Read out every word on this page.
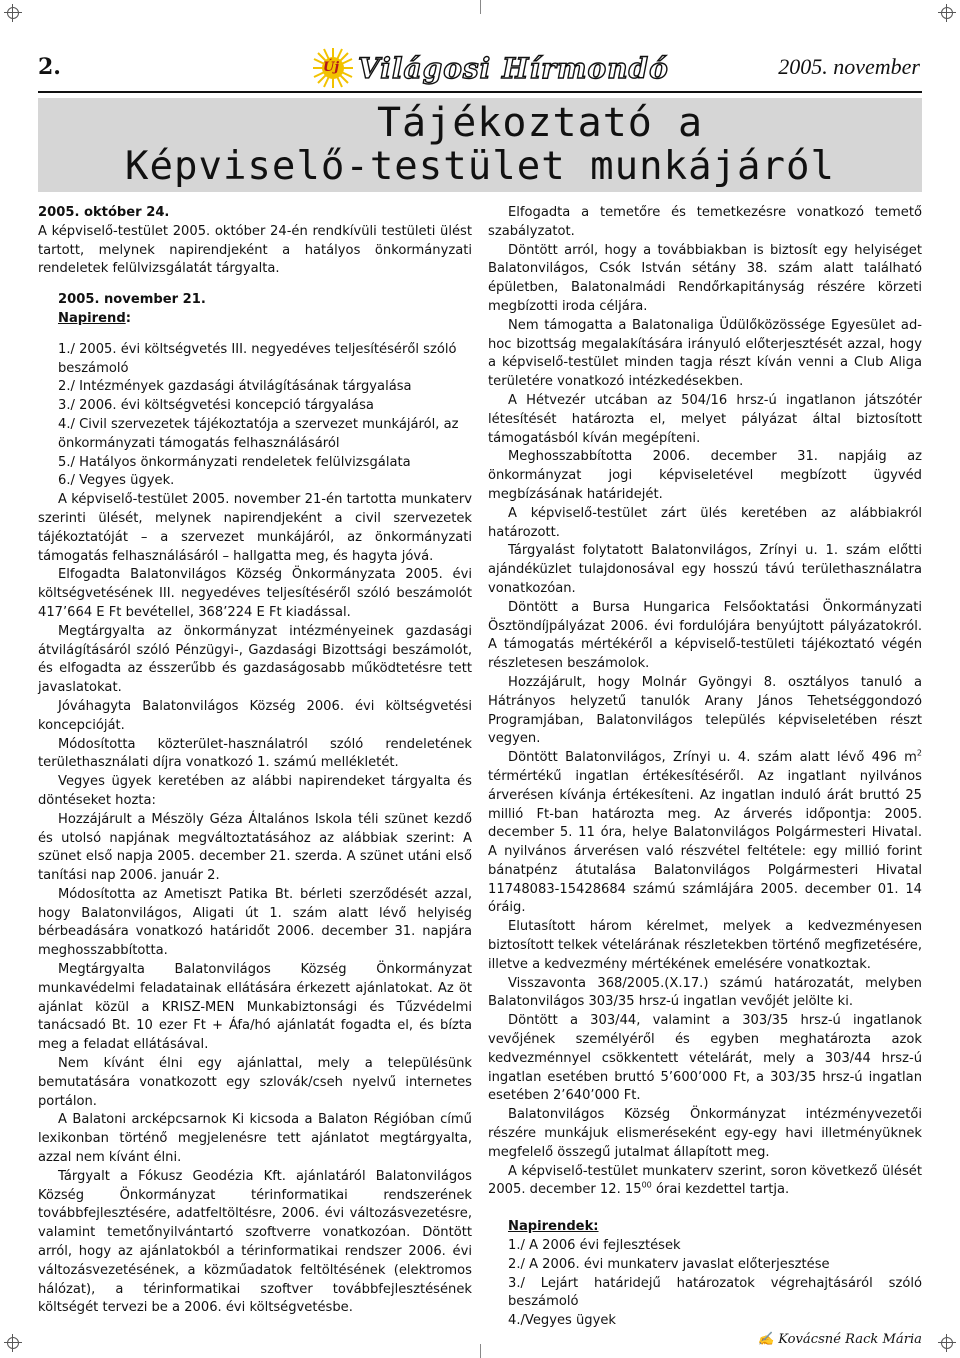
2.	Új Világosi Hírmondó	2005. november
Tájékoztató a
Képviselő-testület munkájáról

2005. október 24.

A képviselő-testület 2005. október 24-én rendkívüli testületi ülést tartott, melynek napirendjeként a hatályos önkormányzati rendeletek felülvizsgálatát tárgyalta.

2005. november 21.

Napirend:

1./ 2005. évi költségvetés III. negyedéves teljesítéséről szóló beszámoló

2./ Intézmények gazdasági átvilágításának tárgyalása

3./ 2006. évi költségvetési koncepció tárgyalása

4./ Civil szervezetek tájékoztatója a szervezet munkájáról, az önkormányzati támogatás felhasználásáról

5./ Hatályos önkormányzati rendeletek felülvizsgálata

6./ Vegyes ügyek.

A képviselő-testület 2005. november 21-én tartotta munkaterv szerinti ülését, melynek napirendjeként a civil szervezetek tájékoztatóját – a szervezet munkájáról, az önkormányzati támogatás felhasználásáról – hallgatta meg, és hagyta jóvá.

Elfogadta Balatonvilágos Község Önkormányzata 2005. évi költségvetésének III. negyedéves teljesítéséről szóló beszámolót 417’664 E Ft bevétellel, 368’224 E Ft kiadással.

Megtárgyalta az önkormányzat intézményeinek gazdasági átvilágításáról szóló Pénzügyi-, Gazdasági Bizottsági beszámolót, és elfogadta az ésszerűbb és gazdaságosabb működtetésre tett javaslatokat.

Jóváhagyta Balatonvilágos Község 2006. évi költségvetési koncepcióját.

Módosította közterület-használatról szóló rendeletének területhasználati díjra vonatkozó 1. számú mellékletét.

Vegyes ügyek keretében az alábbi napirendeket tárgyalta és döntéseket hozta:

Hozzájárult a Mészöly Géza Általános Iskola téli szünet kezdő és utolsó napjának megváltoztatásához az alábbiak szerint: A szünet első napja 2005. december 21. szerda. A szünet utáni első tanítási nap 2006. január 2.

Módosította az Ametiszt Patika Bt. bérleti szerződését azzal, hogy Balatonvilágos, Aligati út 1. szám alatt lévő helyiség bérbeadására vonatkozó határidőt 2006. december 31. napjára meghosszabbította.

Megtárgyalta Balatonvilágos Község Önkormányzat munkavédelmi feladatainak ellátására érkezett ajánlatokat. Az öt ajánlat közül a KRISZ-MEN Munkabiztonsági és Tűzvédelmi tanácsadó Bt. 10 ezer Ft + Áfa/hó ajánlatát fogadta el, és bízta meg a feladat ellátásával.

Nem kívánt élni egy ajánlattal, mely a településünk bemutatására vonatkozott egy szlovák/cseh nyelvű internetes portálon.

A Balatoni arcképcsarnok Ki kicsoda a Balaton Régióban című lexikonban történő megjelenésre tett ajánlatot megtárgyalta, azzal nem kívánt élni.

Tárgyalt a Fókusz Geodézia Kft. ajánlatáról Balatonvilágos Község Önkormányzat térinformatikai rendszerének továbbfejlesztésére, adatfeltöltésre, 2006. évi változásvezetésre, valamint temetőnyilvántartó szoftverre vonatkozóan. Döntött arról, hogy az ajánlatokból a térinformatikai rendszer 2006. évi változásvezetésének, a közműadatok feltöltésének (elektromos hálózat), a térinformatikai szoftver továbbfejlesztésének költségét tervezi be a 2006. évi költségvetésbe.

Elfogadta a temetőre és temetkezésre vonatkozó temető szabályzatot.

Döntött arról, hogy a továbbiakban is biztosít egy helyiséget Balatonvilágos, Csók István sétány 38. szám alatt található épületben, Balatonalmádi Rendőrkapitányság részére körzeti megbízotti iroda céljára.

Nem támogatta a Balatonaliga Üdülőközössége Egyesület ad-hoc bizottság megalakítására irányuló előterjesztését azzal, hogy a képviselő-testület minden tagja részt kíván venni a Club Aliga területére vonatkozó intézkedésekben.

A Hétvezér utcában az 504/16 hrsz-ú ingatlanon játszótér létesítését határozta el, melyet pályázat által biztosított támogatásból kíván megépíteni.

Meghosszabbította 2006. december 31. napjáig az önkormányzat jogi képviseletével megbízott ügyvéd megbízásának határidejét.

A képviselő-testület zárt ülés keretében az alábbiakról határozott.

Tárgyalást folytatott Balatonvilágos, Zrínyi u. 1. szám előtti ajándéküzlet tulajdonosával egy hosszú távú területhasználatra vonatkozóan.

Döntött a Bursa Hungarica Felsőoktatási Önkormányzati Ösztöndíjpályázat 2006. évi fordulójára benyújtott pályázatokról. A támogatás mértékéről a képviselő-testületi tájékoztató végén részletesen beszámolok.

Hozzájárult, hogy Molnár Gyöngyi 8. osztályos tanuló a Hátrányos helyzetű tanulók Arany János Tehetséggondozó Programjában, Balatonvilágos település képviseletében részt vegyen.

Döntött Balatonvilágos, Zrínyi u. 4. szám alatt lévő 496 $m^2$ térmértékű ingatlan értékesítéséről. Az ingatlant nyilvános árverésen kívánja értékesíteni. Az ingatlan induló árát bruttó 25 millió Ft-ban határozta meg. Az árverés időpontja: 2005. december 5. 11 óra, helye Balatonvilágos Polgármesteri Hivatal. A nyilvános árverésen való részvétel feltétele: egy millió forint bánatpénz átutalása Balatonvilágos Polgármesteri Hivatal 11748083-15428684 számú számlájára 2005. december 01. 14 óráig.

Elutasított három kérelmet, melyek a kedvezményesen biztosított telkek vételárának részletekben történő megfizetésére, illetve a kedvezmény mértékének emelésére vonatkoztak.

Visszavonta 368/2005.(X.17.) számú határozatát, melyben Balatonvilágos 303/35 hrsz-ú ingatlan vevőjét jelölte ki.

Döntött a 303/44, valamint a 303/35 hrsz-ú ingatlanok vevőjének személyéről és egyben meghatározta azok kedvezménnyel csökkentett vételárát, mely a 303/44 hrsz-ú ingatlan esetében bruttó 5’600’000 Ft, a 303/35 hrsz-ú ingatlan esetében 2’640’000 Ft.

Balatonvilágos Község Önkormányzat intézményvezetői részére munkájuk elismeréseként egy-egy havi illetményüknek megfelelő összegű jutalmat állapított meg.

A képviselő-testület munkaterv szerint, soron következő ülését 2005. december 12. $15^{00}$ órai kezdettel tartja.

Napirendek:

1./ A 2006 évi fejlesztések

2./ A 2006. évi munkaterv javaslat előterjesztése

3./ Lejárt határidejű határozatok végrehajtásáról szóló beszámoló

4./Vegyes ügyek

✍ Kovácsné Rack Mária
